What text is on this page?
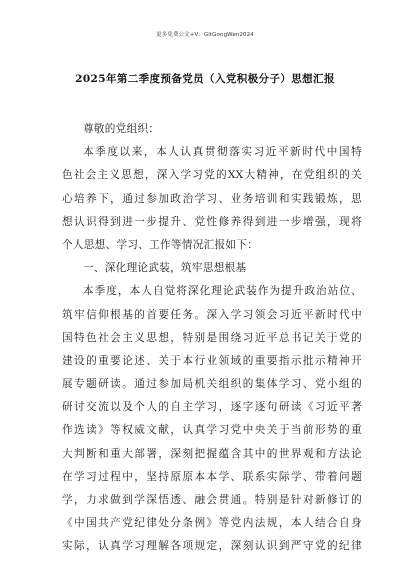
更多免费公文+V：GitGongWen2024
2025年第二季度预备党员（入党积极分子）思想汇报
尊敬的党组织：
本季度以来，本人认真贯彻落实习近平新时代中国特
色社会主义思想，深入学习党的XX大精神，在党组织的关
心培养下，通过参加政治学习、业务培训和实践锻炼，思
想认识得到进一步提升、党性修养得到进一步增强，现将
个人思想、学习、工作等情况汇报如下：
一、深化理论武装，筑牢思想根基
本季度，本人自觉将深化理论武装作为提升政治站位、
筑牢信仰根基的首要任务。深入学习领会习近平新时代中
国特色社会主义思想，特别是围绕习近平总书记关于党的
建设的重要论述、关于本行业领域的重要指示批示精神开
展专题研读。通过参加局机关组织的集体学习、党小组的
研讨交流以及个人的自主学习，逐字逐句研读《习近平著
作选读》等权威文献，认真学习党中央关于当前形势的重
大判断和重大部署，深刻把握蕴含其中的世界观和方法论
在学习过程中，坚持原原本本学、联系实际学、带着问题
学，力求做到学深悟透、融会贯通。特别是针对新修订的
《中国共产党纪律处分条例》等党内法规，本人结合自身
实际，认真学习理解各项规定，深刻认识到严守党的纪律
